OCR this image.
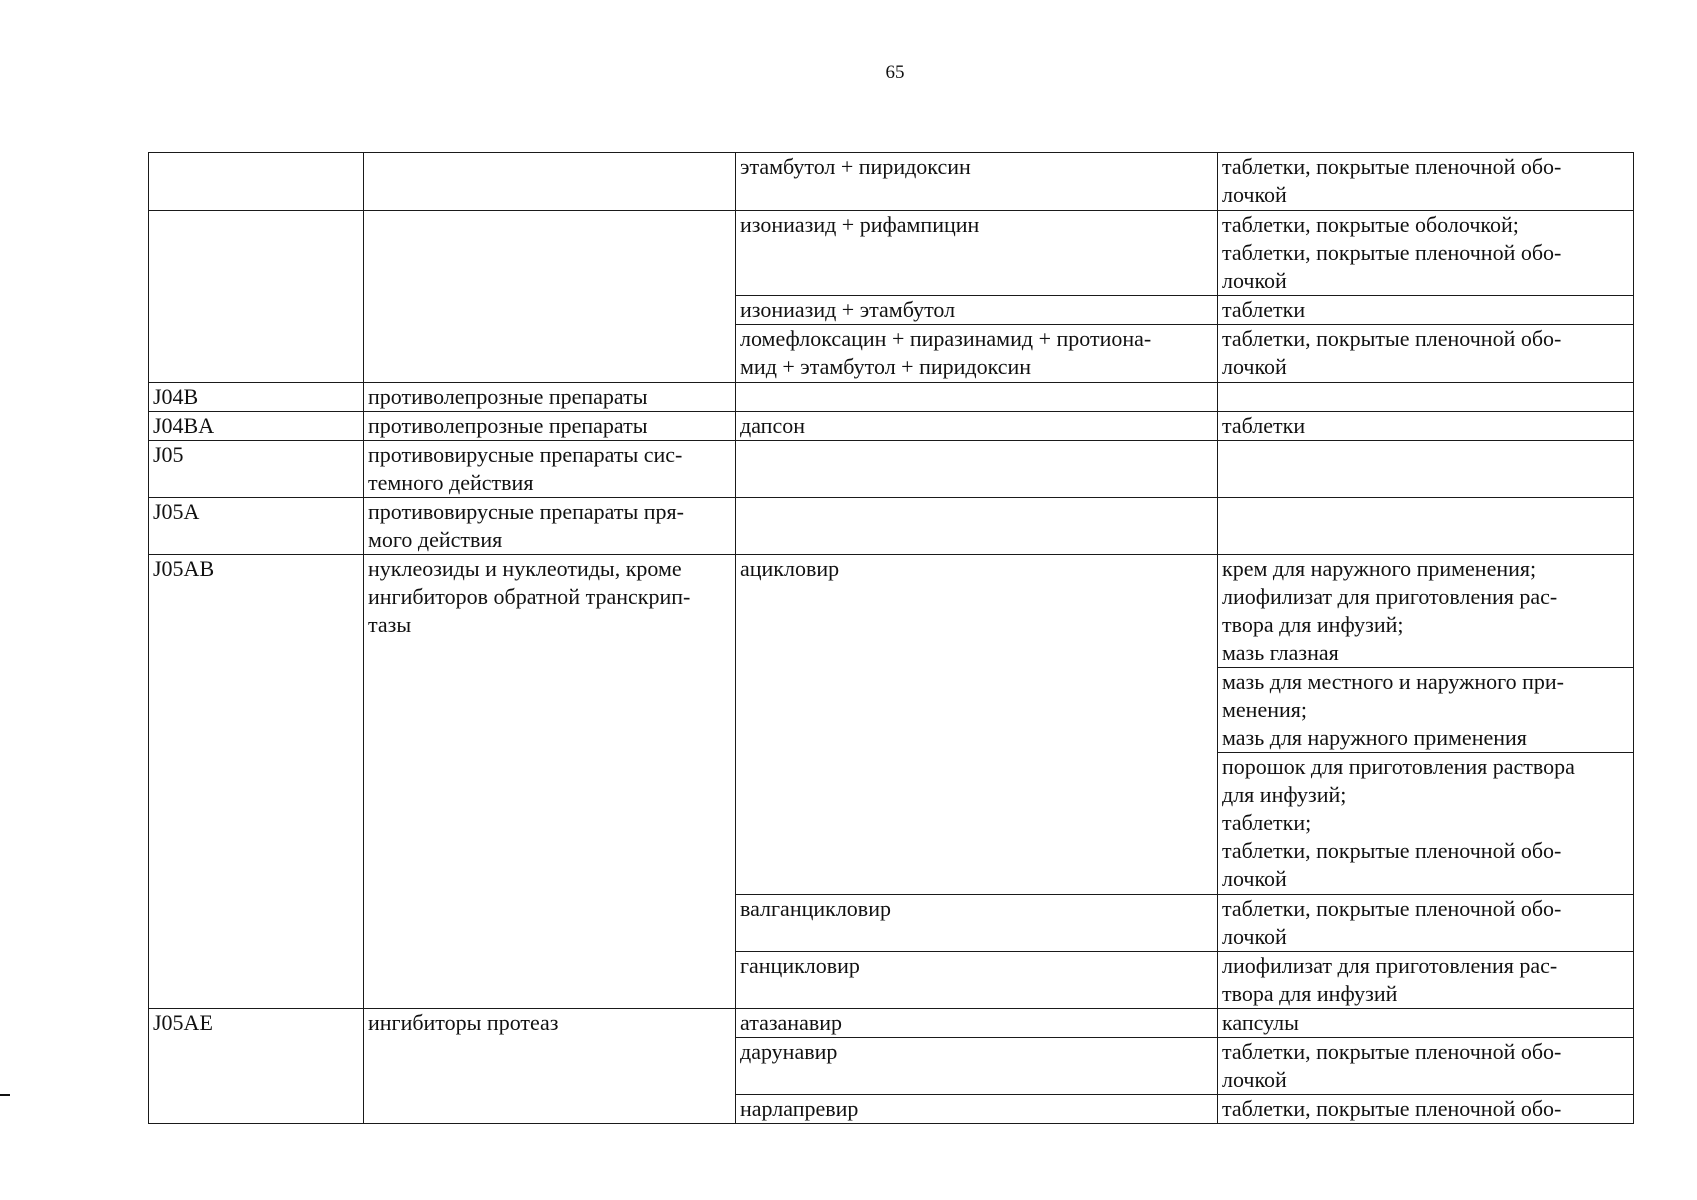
65
		этамбутол + пиридоксин	таблетки, покрытые пленочной обо-
лочкой
		изониазид + рифампицин	таблетки, покрытые оболочкой;
таблетки, покрытые пленочной обо-
лочкой
		изониазид + этамбутол	таблетки
		ломефлоксацин + пиразинамид + протиона-
мид + этамбутол + пиридоксин	таблетки, покрытые пленочной обо-
лочкой
J04B	противолепрозные препараты		
J04BA	противолепрозные препараты	дапсон	таблетки
J05	противовирусные препараты сис-
темного действия		
J05A	противовирусные препараты пря-
мого действия		
J05AB	нуклеозиды и нуклеотиды, кроме
ингибиторов обратной транскрип-
тазы	ацикловир	крем для наружного применения;
лиофилизат для приготовления рас-
твора для инфузий;
мазь глазная
			мазь для местного и наружного при-
менения;
мазь для наружного применения
			порошок для приготовления раствора
для инфузий;
таблетки;
таблетки, покрытые пленочной обо-
лочкой
		валганцикловир	таблетки, покрытые пленочной обо-
лочкой
		ганцикловир	лиофилизат для приготовления рас-
твора для инфузий
J05AE	ингибиторы протеаз	атазанавир	капсулы
		дарунавир	таблетки, покрытые пленочной обо-
лочкой
		нарлапревир	таблетки, покрытые пленочной обо-
